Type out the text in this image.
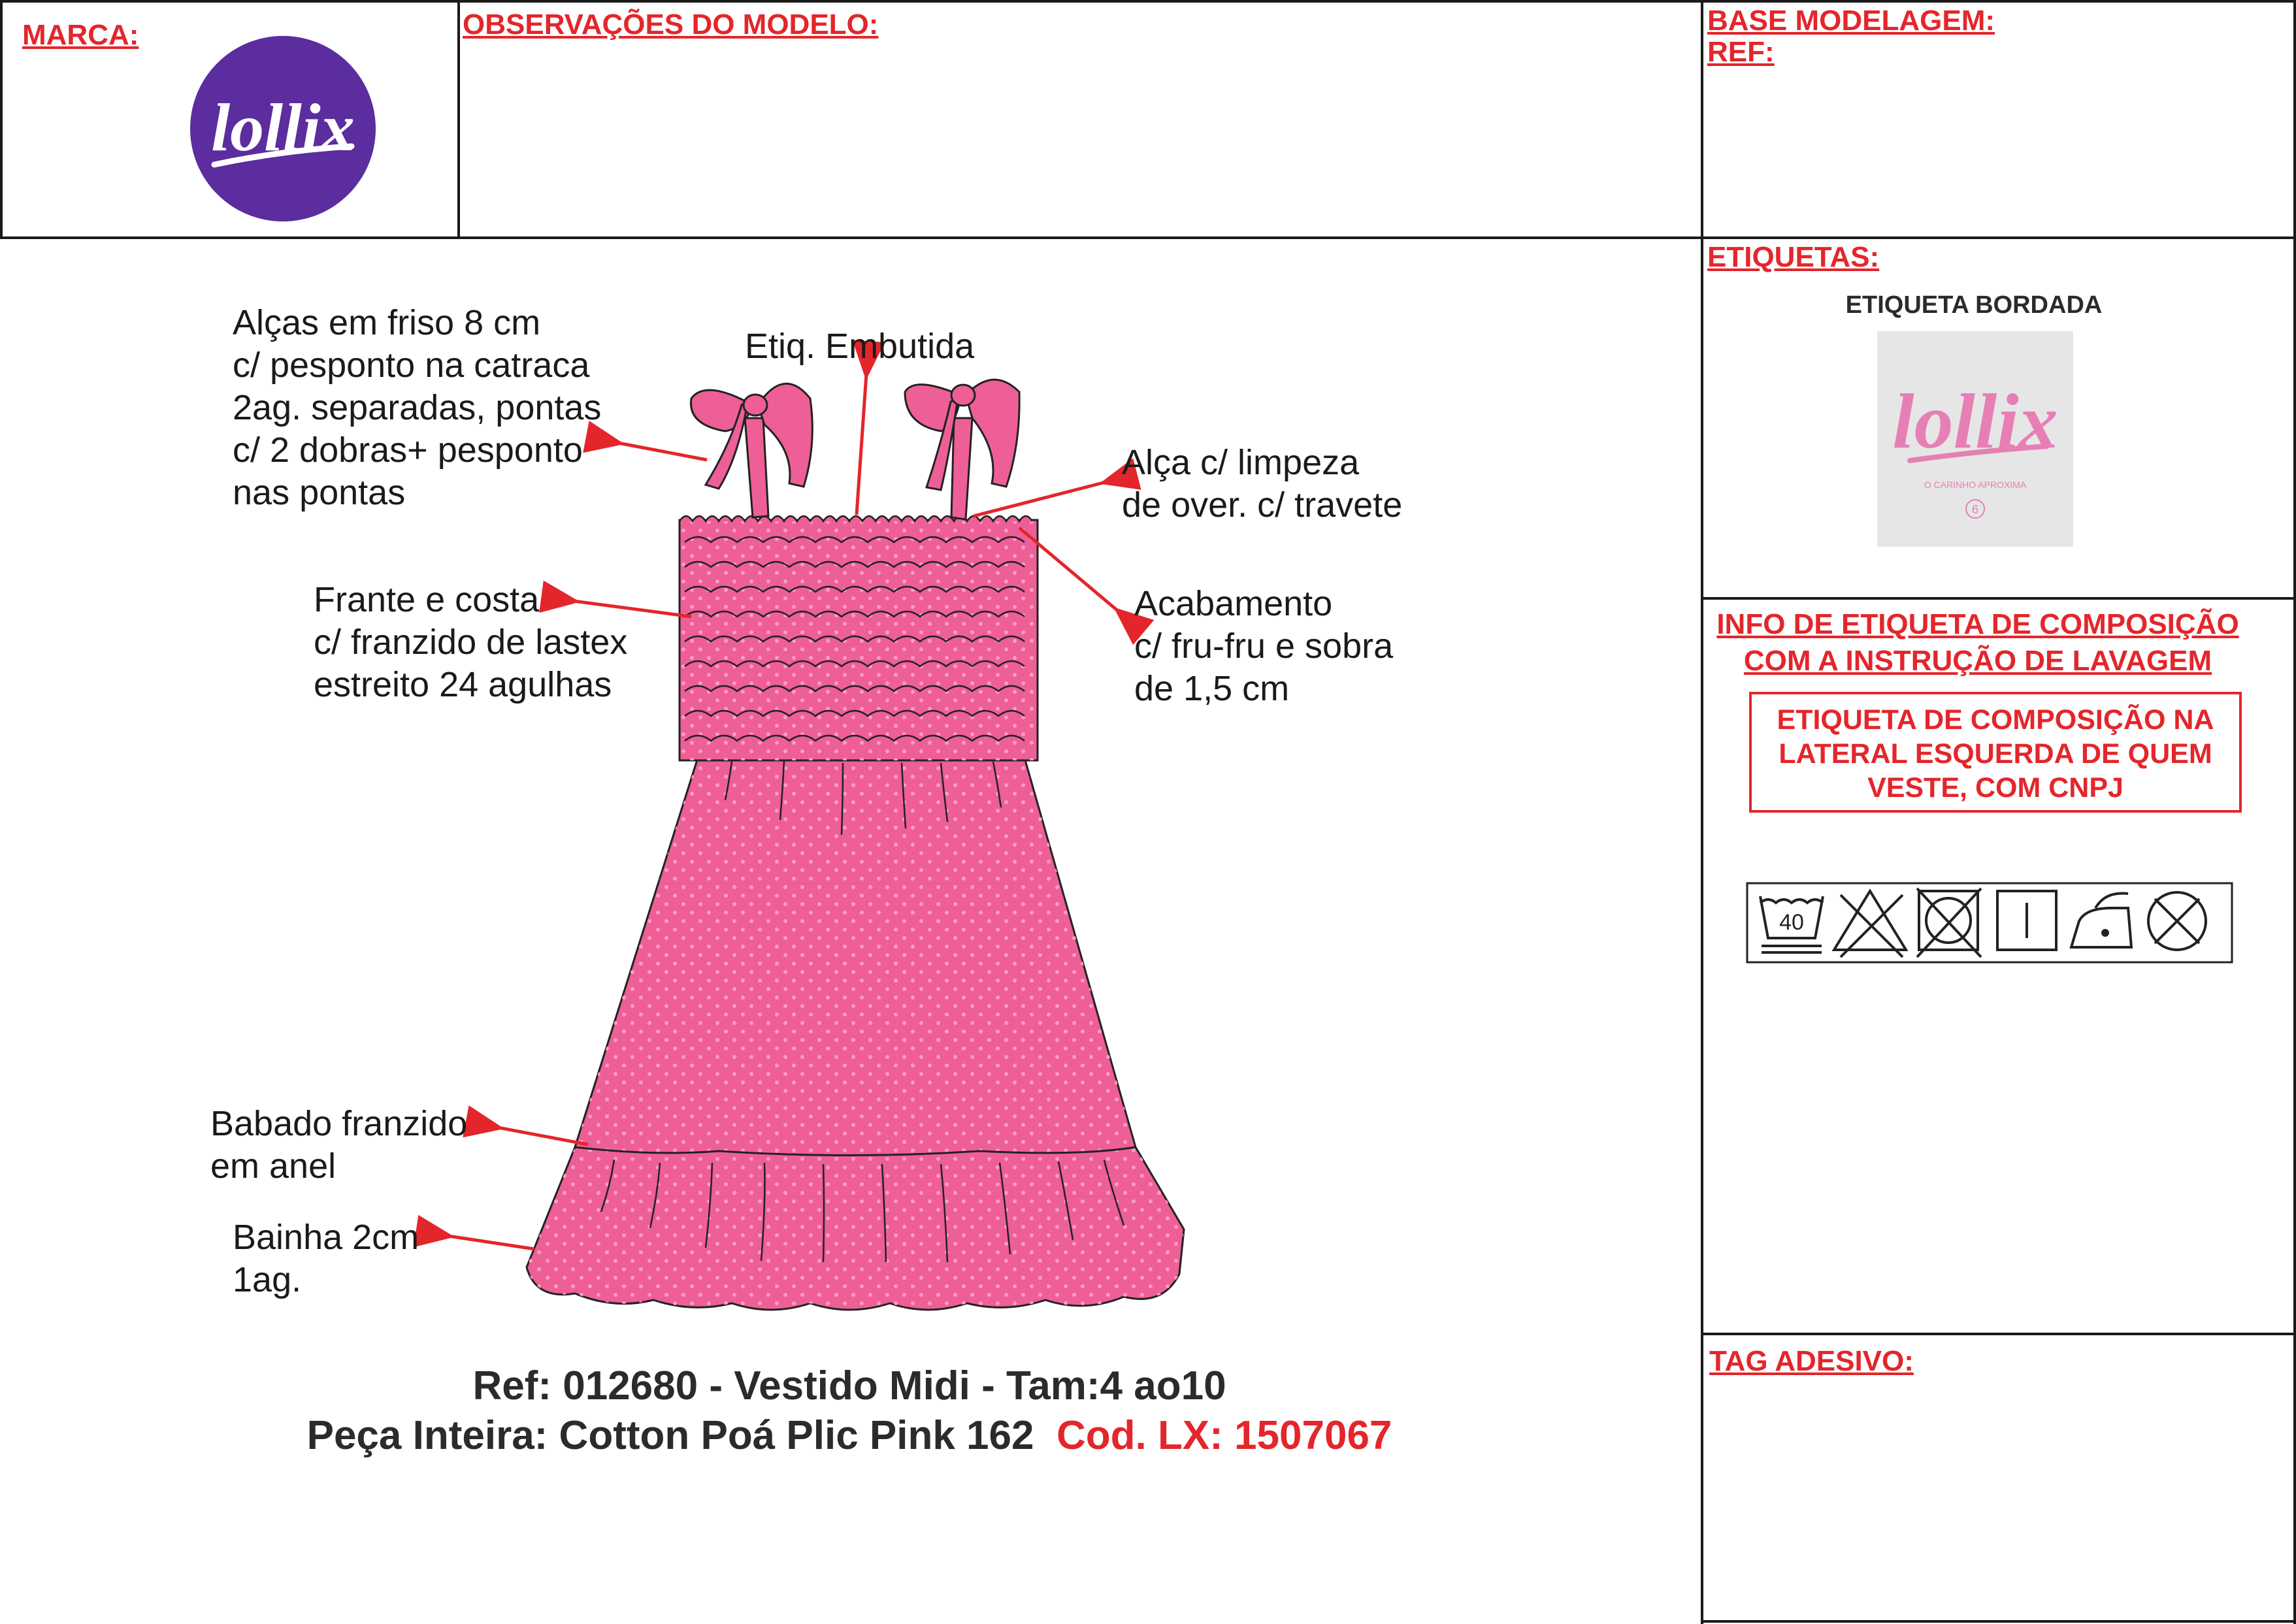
MARCA:	OBSERVAÇÕES DO MODELO:	BASE MODELAGEM:
REF:
lollix
Alças em friso 8 cm
c/ pesponto na catraca
2ag. separadas, pontas
c/ 2 dobras+ pesponto
nas pontas
Etiq. Embutida
Alça c/ limpeza
de over. c/ travete
Frante e costa
c/ franzido de lastex
estreito 24 agulhas
Acabamento
c/ fru-fru e sobra
de 1,5 cm
Babado franzido
em anel
Bainha 2cm
1ag.
Ref: 012680 - Vestido Midi - Tam:4 ao10
Peça Inteira: Cotton Poá Plic Pink 162 Cod. LX: 1507067
ETIQUETAS:
ETIQUETA BORDADA
lollix
O CARINHO APROXIMA
6
INFO DE ETIQUETA DE COMPOSIÇÃO
COM A INSTRUÇÃO DE LAVAGEM
ETIQUETA DE COMPOSIÇÃO NA LATERAL ESQUERDA DE QUEM VESTE, COM CNPJ
40
TAG ADESIVO:
